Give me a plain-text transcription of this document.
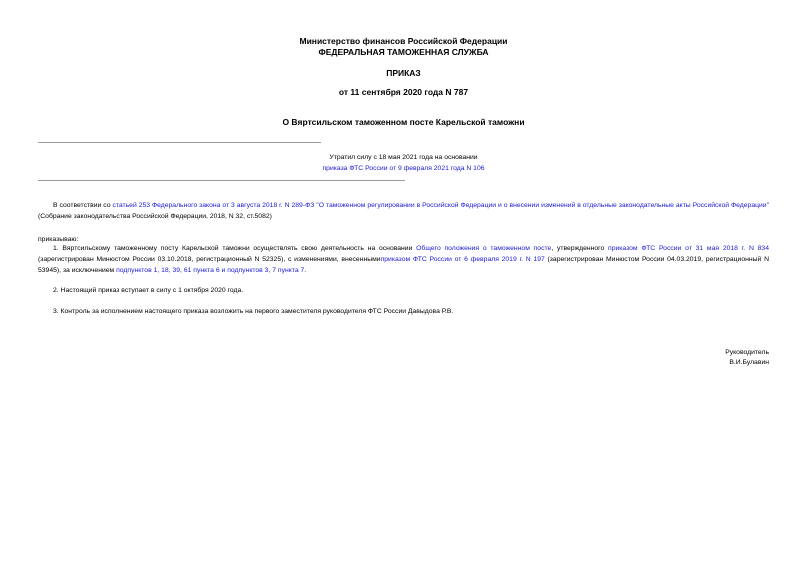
Министерство финансов Российской Федерации
ФЕДЕРАЛЬНАЯ ТАМОЖЕННАЯ СЛУЖБА
ПРИКАЗ
от 11 сентября 2020 года N 787
О Вяртсильском таможенном посте Карельской таможни
Утратил силу с 18 мая 2021 года на основании
приказа ФТС России от 9 февраля 2021 года N 106
В соответствии со статьей 253 Федерального закона от 3 августа 2018 г. N 289-ФЗ "О таможенном регулировании в Российской Федерации и о внесении изменений в отдельные законодательные акты Российской Федерации" (Собрание законодательства Российской Федерации, 2018, N 32, ст.5082)
приказываю:
1. Вяртсильскому таможенному посту Карельской таможни осуществлять свою деятельность на основании Общего положения о таможенном посте, утвержденного приказом ФТС России от 31 мая 2018 г. N 834 (зарегистрирован Минюстом России 03.10.2018, регистрационный N 52325), с изменениями, внесеннымиприказом ФТС России от 6 февраля 2019 г. N 197 (зарегистрирован Минюстом России 04.03.2019, регистрационный N 53945), за исключением подпунктов 1, 18, 39, 61 пункта 6 и подпунктов 3, 7 пункта 7.
2. Настоящий приказ вступает в силу с 1 октября 2020 года.
3. Контроль за исполнением настоящего приказа возложить на первого заместителя руководителя ФТС России Давыдова Р.В.
Руководитель
В.И.Булавин
